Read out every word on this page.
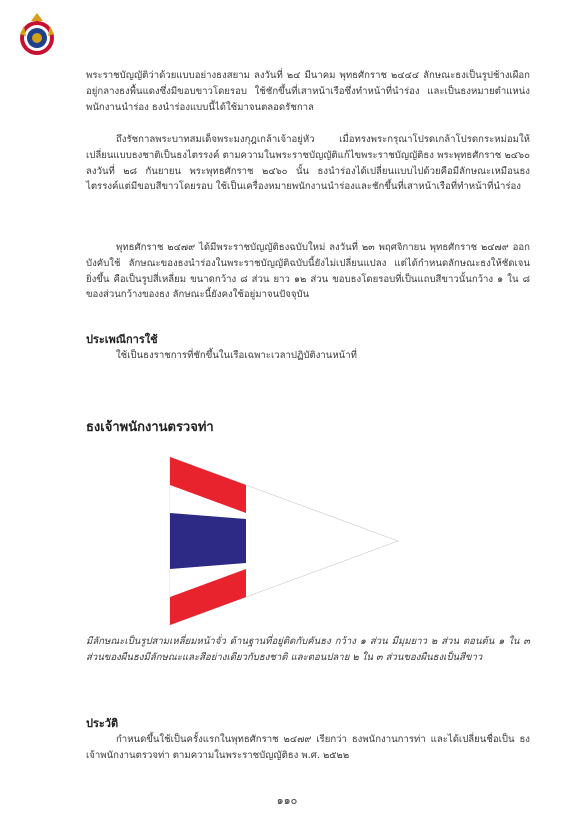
พระราชบัญญัติว่าด้วยแบบอย่างธงสยาม ลงวันที่ ๒๔ มีนาคม พุทธศักราช ๒๔๔๔ ลักษณะธงเป็นรูปช้างเผือกอยู่กลางธงพื้นแดงซึ่งมีขอบขาวโดยรอบ ใช้ชักขึ้นที่เสาหน้าเรือซึ่งทำหน้าที่นำร่อง และเป็นธงหมายตำแหน่งพนักงานนำร่อง ธงนำร่องแบบนี้ได้ใช้มาจนตลอดรัชกาล

ถึงรัชกาลพระบาทสมเด็จพระมงกุฎเกล้าเจ้าอยู่หัว เมื่อทรงพระกรุณาโปรดเกล้าโปรดกระหม่อมให้เปลี่ยนแบบธงชาติเป็นธงไตรรงค์ ตามความในพระราชบัญญัติแก้ไขพระราชบัญญัติธง พระพุทธศักราช ๒๔๖๐ ลงวันที่ ๒๘ กันยายน พระพุทธศักราช ๒๔๖๐ นั้น ธงนำร่องได้เปลี่ยนแบบไปด้วยคือมีลักษณะเหมือนธงไตรรงค์แต่มีขอบสีขาวโดยรอบ ใช้เป็นเครื่องหมายพนักงานนำร่องและชักขึ้นที่เสาหน้าเรือที่ทำหน้าที่นำร่อง

พุทธศักราช ๒๔๗๙ ได้มีพระราชบัญญัติธงฉบับใหม่ ลงวันที่ ๒๓ พฤศจิกายน พุทธศักราช ๒๔๗๙ ออกบังคับใช้ ลักษณะของธงนำร่องในพระราชบัญญัติฉบับนี้ยังไม่เปลี่ยนแปลง แต่ได้กำหนดลักษณะธงให้ชัดเจนยิ่งขึ้น คือเป็นรูปสี่เหลี่ยม ขนาดกว้าง ๘ ส่วน ยาว ๑๒ ส่วน ขอบธงโดยรอบที่เป็นแถบสีขาวนั้นกว้าง ๑ ใน ๘ ของส่วนกว้างของธง ลักษณะนี้ยังคงใช้อยู่มาจนปัจจุบัน

ประเพณีการใช้

ใช้เป็นธงราชการที่ชักขึ้นในเรือเฉพาะเวลาปฏิบัติงานหน้าที่

ธงเจ้าพนักงานตรวจท่า

มีลักษณะเป็นรูปสามเหลี่ยมหน้าจั่ว ด้านฐานที่อยู่ติดกับคันธง กว้าง ๑ ส่วน มีมุมยาว ๒ ส่วน ตอนต้น ๑ ใน ๓ ส่วนของผืนธงมีลักษณะและสีอย่างเดียวกับธงชาติ และตอนปลาย ๒ ใน ๓ ส่วนของผืนธงเป็นสีขาว

ประวัติ

กำหนดขึ้นใช้เป็นครั้งแรกในพุทธศักราช ๒๔๗๙ เรียกว่า ธงพนักงานการท่า และได้เปลี่ยนชื่อเป็น ธงเจ้าพนักงานตรวจท่า ตามความในพระราชบัญญัติธง พ.ศ. ๒๕๒๒

๑๑๐
